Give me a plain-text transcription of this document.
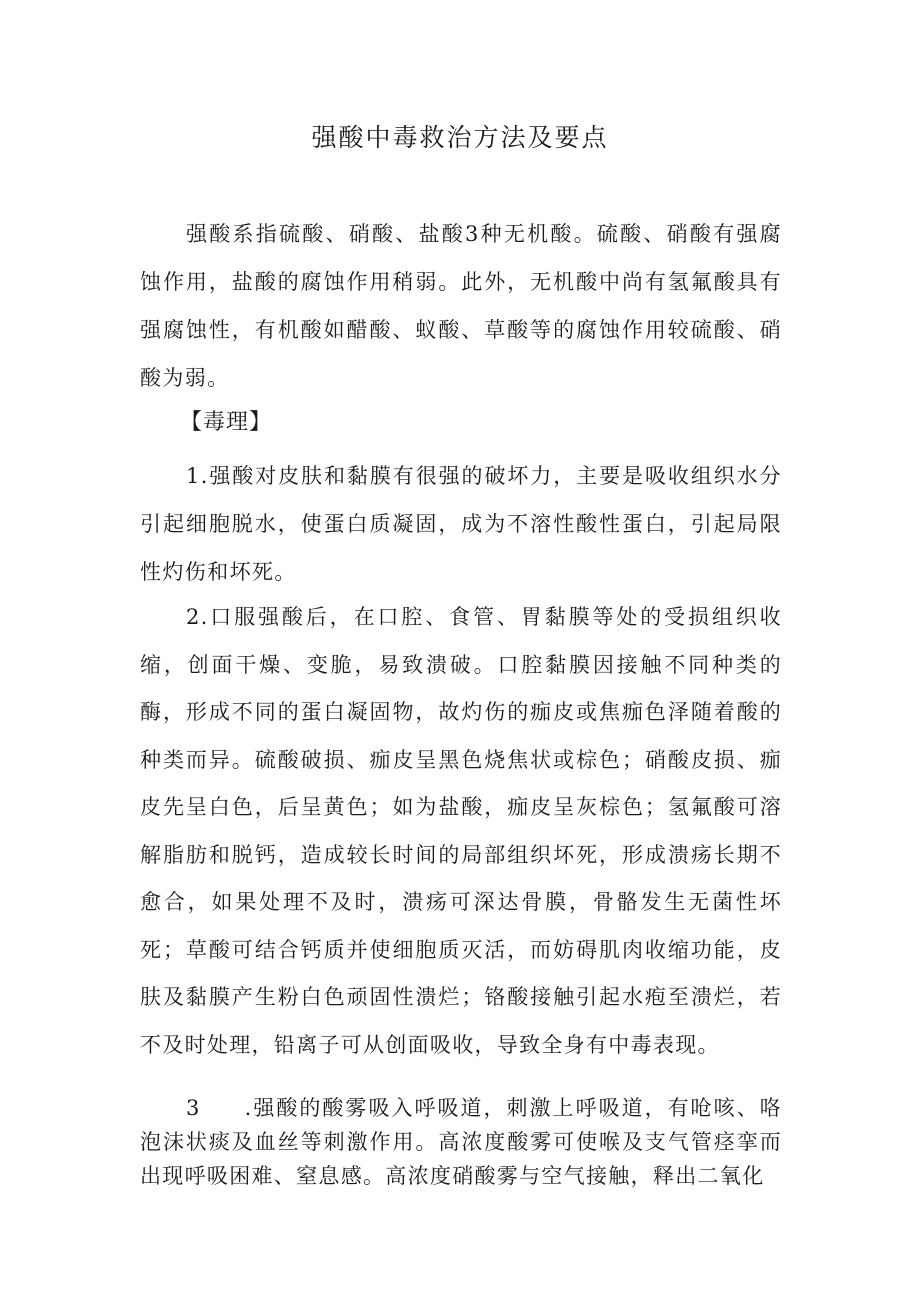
强酸中毒救治方法及要点

强酸系指硫酸、硝酸、盐酸3种无机酸。硫酸、硝酸有强腐蚀作用，盐酸的腐蚀作用稍弱。此外，无机酸中尚有氢氟酸具有强腐蚀性，有机酸如醋酸、蚁酸、草酸等的腐蚀作用较硫酸、硝酸为弱。

【毒理】

1.强酸对皮肤和黏膜有很强的破坏力，主要是吸收组织水分引起细胞脱水，使蛋白质凝固，成为不溶性酸性蛋白，引起局限性灼伤和坏死。

2.口服强酸后，在口腔、食管、胃黏膜等处的受损组织收缩，创面干燥、变脆，易致溃破。口腔黏膜因接触不同种类的酶，形成不同的蛋白凝固物，故灼伤的痂皮或焦痂色泽随着酸的种类而异。硫酸破损、痂皮呈黑色烧焦状或棕色；硝酸皮损、痂皮先呈白色，后呈黄色；如为盐酸，痂皮呈灰棕色；氢氟酸可溶解脂肪和脱钙，造成较长时间的局部组织坏死，形成溃疡长期不愈合，如果处理不及时，溃疡可深达骨膜，骨骼发生无菌性坏死；草酸可结合钙质并使细胞质灭活，而妨碍肌肉收缩功能，皮肤及黏膜产生粉白色顽固性溃烂；铬酸接触引起水疱至溃烂，若不及时处理，铅离子可从创面吸收，导致全身有中毒表现。

3 .强酸的酸雾吸入呼吸道，刺激上呼吸道，有呛咳、咯泡沫状痰及血丝等刺激作用。高浓度酸雾可使喉及支气管痉挛而出现呼吸困难、窒息感。高浓度硝酸雾与空气接触，释出二氧化
